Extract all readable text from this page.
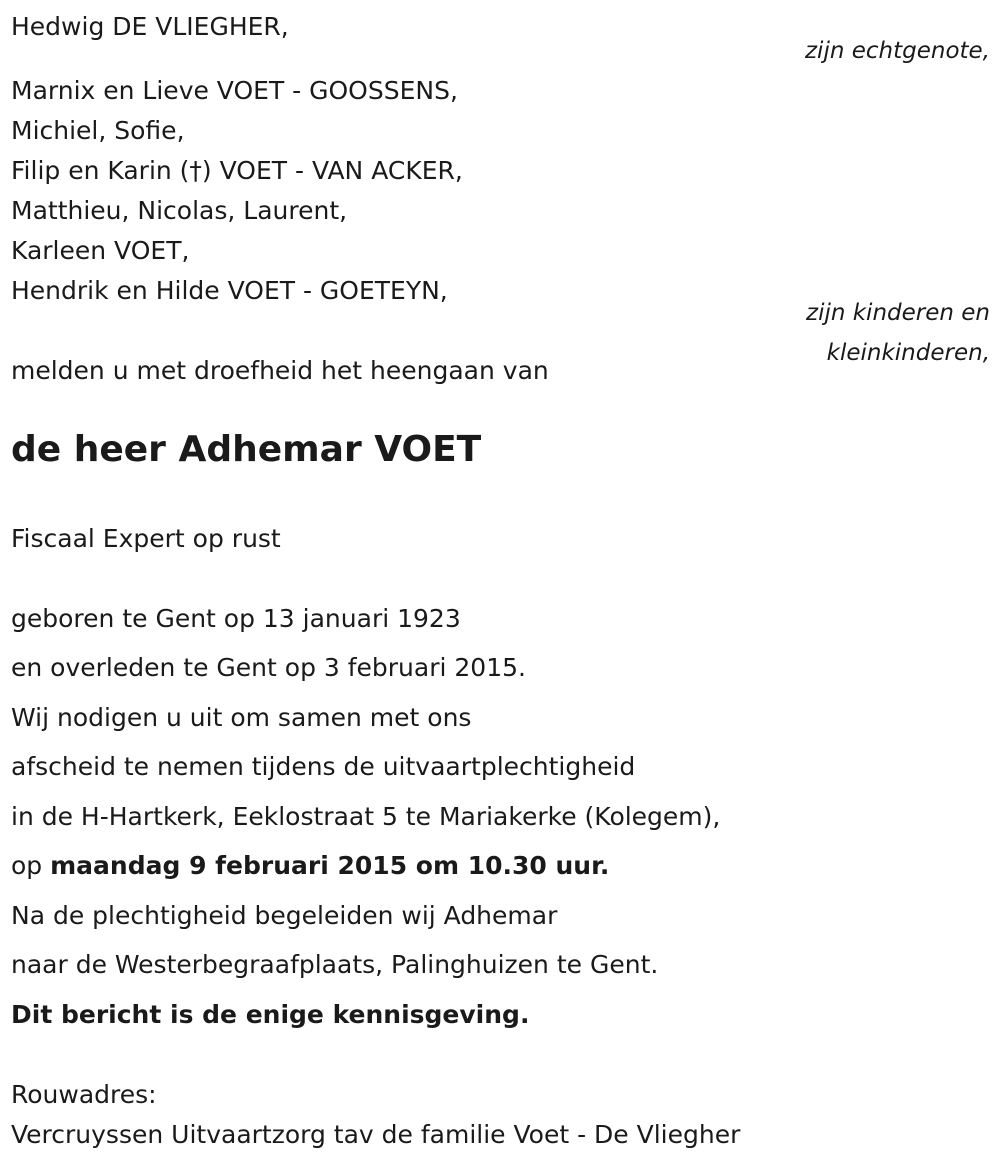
Hedwig DE VLIEGHER,
zijn echtgenote,
Marnix en Lieve VOET - GOOSSENS,
Michiel, Sofie,
Filip en Karin (†) VOET - VAN ACKER,
Matthieu, Nicolas, Laurent,
Karleen VOET,
Hendrik en Hilde VOET - GOETEYN,
zijn kinderen en
kleinkinderen,
melden u met droefheid het heengaan van
de heer Adhemar VOET
Fiscaal Expert op rust
geboren te Gent op 13 januari 1923
en overleden te Gent op 3 februari 2015.
Wij nodigen u uit om samen met ons
afscheid te nemen tijdens de uitvaartplechtigheid
in de H-Hartkerk, Eeklostraat 5 te Mariakerke (Kolegem),
op maandag 9 februari 2015 om 10.30 uur.
Na de plechtigheid begeleiden wij Adhemar
naar de Westerbegraafplaats, Palinghuizen te Gent.
Dit bericht is de enige kennisgeving.
Rouwadres:
Vercruyssen Uitvaartzorg tav de familie Voet - De Vliegher
